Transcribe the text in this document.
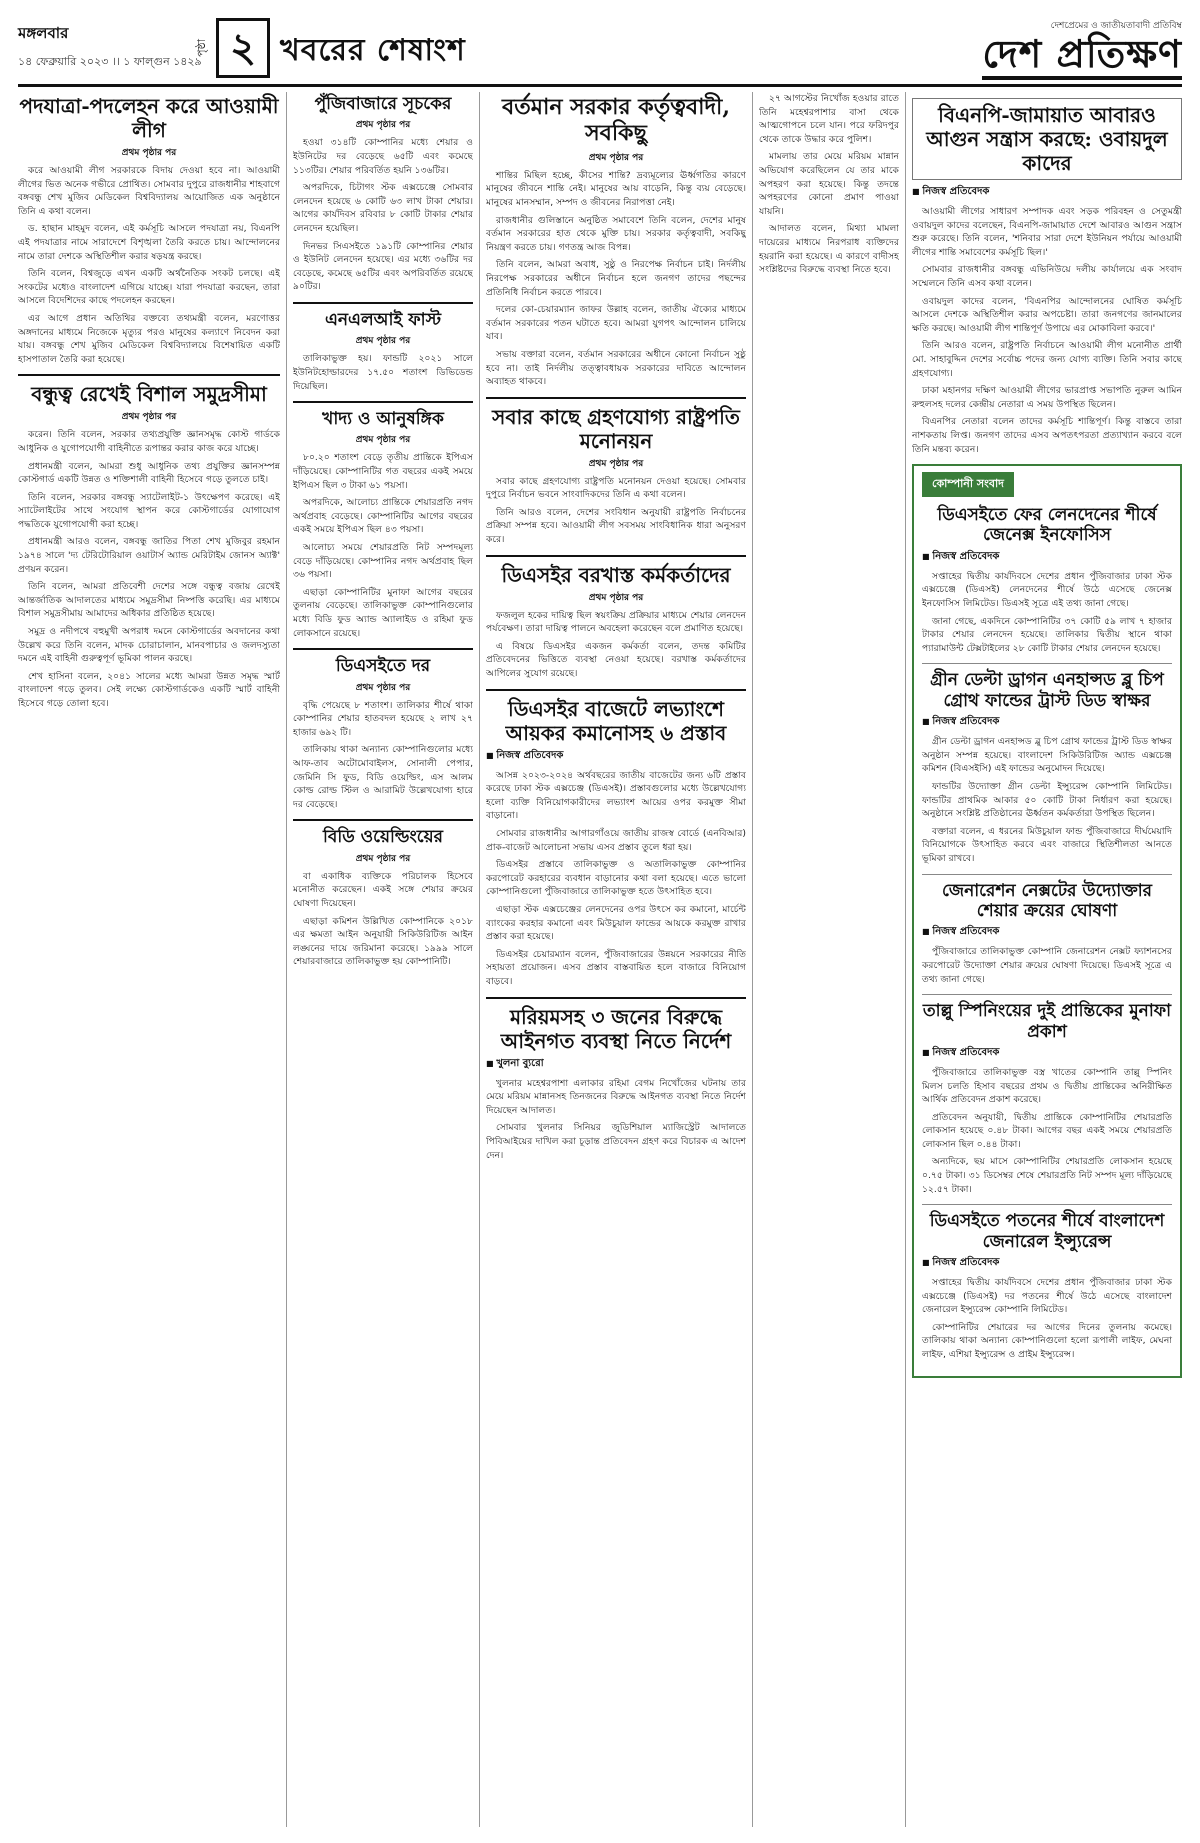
মঙ্গলবার
১৪ ফেব্রুয়ারি ২০২৩ ।। ১ ফাল্গুন ১৪২৯
পৃষ্ঠা ২ খবরের শেষাংশ
দেশপ্রেমের ও জাতীয়তাবাদী প্রতিবিম্ব
দেশ প্রতিক্ষণ
পদযাত্রা-পদলেহন করে আওয়ামী লীগ
প্রথম পৃষ্ঠার পর

করে আওয়ামী লীগ সরকারকে বিদায় দেওয়া হবে না। আওয়ামী লীগের ভিত অনেক গভীরে প্রোথিত। সোমবার দুপুরে রাজধানীর শাহবাগে বঙ্গবন্ধু শেখ মুজিব মেডিকেল বিশ্ববিদ্যালয় আয়োজিত এক অনুষ্ঠানে তিনি এ কথা বলেন।

ড. হাছান মাহমুদ বলেন, এই কর্মসূচি আসলে পদযাত্রা নয়, বিএনপি এই পদযাত্রার নামে সারাদেশে বিশৃঙ্খলা তৈরি করতে চায়। আন্দোলনের নামে তারা দেশকে অস্থিতিশীল করার ষড়যন্ত্র করছে।

তিনি বলেন, বিশ্বজুড়ে এখন একটি অর্থনৈতিক সংকট চলছে। এই সংকটের মধ্যেও বাংলাদেশ এগিয়ে যাচ্ছে। যারা পদযাত্রা করছেন, তারা আসলে বিদেশিদের কাছে পদলেহন করছেন।

এর আগে প্রধান অতিথির বক্তব্যে তথ্যমন্ত্রী বলেন, মরণোত্তর অঙ্গদানের মাধ্যমে নিজেকে মৃত্যুর পরও মানুষের কল্যাণে নিবেদন করা যায়। বঙ্গবন্ধু শেখ মুজিব মেডিকেল বিশ্ববিদ্যালয়ে বিশেষায়িত একটি হাসপাতাল তৈরি করা হয়েছে।

বন্ধুত্ব রেখেই বিশাল সমুদ্রসীমা
প্রথম পৃষ্ঠার পর

করেন। তিনি বলেন, সরকার তথ্যপ্রযুক্তি জ্ঞানসমৃদ্ধ কোস্ট গার্ডকে আধুনিক ও যুগোপযোগী বাহিনীতে রূপান্তর করার কাজ করে যাচ্ছে।

প্রধানমন্ত্রী বলেন, আমরা শুধু আধুনিক তথ্য প্রযুক্তির জ্ঞানসম্পন্ন কোস্টগার্ড একটি উন্নত ও শক্তিশালী বাহিনী হিসেবে গড়ে তুলতে চাই।

তিনি বলেন, সরকার বঙ্গবন্ধু স্যাটেলাইট-১ উৎক্ষেপণ করেছে। এই স্যাটেলাইটের সাথে সংযোগ স্থাপন করে কোস্টগার্ডের যোগাযোগ পদ্ধতিকে যুগোপযোগী করা হচ্ছে।

প্রধানমন্ত্রী আরও বলেন, বঙ্গবন্ধু জাতির পিতা শেখ মুজিবুর রহমান ১৯৭৪ সালে 'দ্য টেরিটোরিয়াল ওয়াটার্স অ্যান্ড মেরিটাইম জোনস অ্যাক্ট' প্রণয়ন করেন।

তিনি বলেন, আমরা প্রতিবেশী দেশের সঙ্গে বন্ধুত্ব বজায় রেখেই আন্তর্জাতিক আদালতের মাধ্যমে সমুদ্রসীমা নিষ্পত্তি করেছি। এর মাধ্যমে বিশাল সমুদ্রসীমায় আমাদের অধিকার প্রতিষ্ঠিত হয়েছে।

সমুদ্র ও নদীপথে বহুমুখী অপরাধ দমনে কোস্টগার্ডের অবদানের কথা উল্লেখ করে তিনি বলেন, মাদক চোরাচালান, মানবপাচার ও জলদস্যুতা দমনে এই বাহিনী গুরুত্বপূর্ণ ভূমিকা পালন করছে।

শেখ হাসিনা বলেন, ২০৪১ সালের মধ্যে আমরা উন্নত সমৃদ্ধ স্মার্ট বাংলাদেশ গড়ে তুলব। সেই লক্ষ্যে কোস্টগার্ডকেও একটি স্মার্ট বাহিনী হিসেবে গড়ে তোলা হবে।

পুঁজিবাজারে সূচকের
প্রথম পৃষ্ঠার পর

হওয়া ৩১৪টি কোম্পানির মধ্যে শেয়ার ও ইউনিটের দর বেড়েছে ৬৫টি এবং কমেছে ১১৩টির। শেয়ার পরিবর্তিত হয়নি ১৩৬টির।

অপরদিকে, চিটাগং স্টক এক্সচেঞ্জে সোমবার লেনদেন হয়েছে ৬ কোটি ৬৩ লাখ টাকা শেয়ার। আগের কার্যদিবস রবিবার ৮ কোটি টাকার শেয়ার লেনদেন হয়েছিল।

দিনভর সিএসইতে ১৯১টি কোম্পানির শেয়ার ও ইউনিট লেনদেন হয়েছে। এর মধ্যে ৩৬টির দর বেড়েছে, কমেছে ৬৫টির এবং অপরিবর্তিত রয়েছে ৯০টির।

এনএলআই ফাস্ট
প্রথম পৃষ্ঠার পর

তালিকাভুক্ত হয়। ফান্ডটি ২০২১ সালে ইউনিটহোল্ডারদের ১৭.৫০ শতাংশ ডিভিডেন্ড দিয়েছিল।

খাদ্য ও আনুষঙ্গিক
প্রথম পৃষ্ঠার পর

৮০.২০ শতাংশ বেড়ে তৃতীয় প্রান্তিকে ইপিএস দাঁড়িয়েছে। কোম্পানিটির গত বছরের একই সময়ে ইপিএস ছিল ৩ টাকা ৬১ পয়সা।

অপরদিকে, আলোচ্য প্রান্তিকে শেয়ারপ্রতি নগদ অর্থপ্রবাহ বেড়েছে। কোম্পানিটির আগের বছরের একই সময়ে ইপিএস ছিল ৪৩ পয়সা।

আলোচ্য সময়ে শেয়ারপ্রতি নিট সম্পদমূল্য বেড়ে দাঁড়িয়েছে। কোম্পানির নগদ অর্থপ্রবাহ ছিল ৩৬ পয়সা।

এছাড়া কোম্পানিটির মুনাফা আগের বছরের তুলনায় বেড়েছে। তালিকাভুক্ত কোম্পানিগুলোর মধ্যে বিডি ফুড অ্যান্ড অ্যালাইড ও রহিমা ফুড লোকসানে রয়েছে।

ডিএসইতে দর
প্রথম পৃষ্ঠার পর

বৃদ্ধি পেয়েছে ৮ শতাংশ। তালিকার শীর্ষে থাকা কোম্পানির শেয়ার হাতবদল হয়েছে ২ লাখ ২৭ হাজার ৬৯২ টি।

তালিকায় থাকা অন্যান্য কোম্পানিগুলোর মধ্যে আফ-তাব অটোমোবাইলস, সোনালী পেপার, জেমিনি সি ফুড, বিডি ওয়েল্ডিং, এস আলম কোল্ড রোল্ড স্টিল ও আরামিট উল্লেখযোগ্য হারে দর বেড়েছে।

বিডি ওয়েল্ডিংয়ের
প্রথম পৃষ্ঠার পর

বা একাধিক ব্যক্তিকে পরিচালক হিসেবে মনোনীত করেছেন। একই সঙ্গে শেয়ার ক্রয়ের ঘোষণা দিয়েছেন।

এছাড়া কমিশন উল্লিখিত কোম্পানিকে ২০১৮ এর ক্ষমতা আইন অনুযায়ী সিকিউরিটিজ আইন লঙ্ঘনের দায়ে জরিমানা করেছে। ১৯৯৯ সালে শেয়ারবাজারে তালিকাভুক্ত হয় কোম্পানিটি।

বর্তমান সরকার কর্তৃত্ববাদী, সবকিছু
প্রথম পৃষ্ঠার পর

শান্তির মিছিল হচ্ছে, কীসের শান্তি? দ্রব্যমূল্যের ঊর্ধ্বগতির কারণে মানুষের জীবনে শান্তি নেই। মানুষের আয় বাড়েনি, কিন্তু ব্যয় বেড়েছে। মানুষের মানসম্মান, সম্পদ ও জীবনের নিরাপত্তা নেই।

রাজধানীর গুলিস্তানে অনুষ্ঠিত সমাবেশে তিনি বলেন, দেশের মানুষ বর্তমান সরকারের হাত থেকে মুক্তি চায়। সরকার কর্তৃত্ববাদী, সবকিছু নিয়ন্ত্রণ করতে চায়। গণতন্ত্র আজ বিপন্ন।

তিনি বলেন, আমরা অবাধ, সুষ্ঠু ও নিরপেক্ষ নির্বাচন চাই। নির্দলীয় নিরপেক্ষ সরকারের অধীনে নির্বাচন হলে জনগণ তাদের পছন্দের প্রতিনিধি নির্বাচন করতে পারবে।

দলের কো-চেয়ারম্যান জাফর উল্লাহ বলেন, জাতীয় ঐক্যের মাধ্যমে বর্তমান সরকারের পতন ঘটাতে হবে। আমরা যুগপৎ আন্দোলন চালিয়ে যাব।

সভায় বক্তারা বলেন, বর্তমান সরকারের অধীনে কোনো নির্বাচন সুষ্ঠু হবে না। তাই নির্দলীয় তত্ত্বাবধায়ক সরকারের দাবিতে আন্দোলন অব্যাহত থাকবে।

সবার কাছে গ্রহণযোগ্য রাষ্ট্রপতি মনোনয়ন
প্রথম পৃষ্ঠার পর

সবার কাছে গ্রহণযোগ্য রাষ্ট্রপতি মনোনয়ন দেওয়া হয়েছে। সোমবার দুপুরে নির্বাচন ভবনে সাংবাদিকদের তিনি এ কথা বলেন।

তিনি আরও বলেন, দেশের সংবিধান অনুযায়ী রাষ্ট্রপতি নির্বাচনের প্রক্রিয়া সম্পন্ন হবে। আওয়ামী লীগ সবসময় সাংবিধানিক ধারা অনুসরণ করে।

ডিএসইর বরখাস্ত কর্মকর্তাদের
প্রথম পৃষ্ঠার পর

ফজলুল হকের দায়িত্ব ছিল স্বয়ংক্রিয় প্রক্রিয়ার মাধ্যমে শেয়ার লেনদেন পর্যবেক্ষণ। তারা দায়িত্ব পালনে অবহেলা করেছেন বলে প্রমাণিত হয়েছে।

এ বিষয়ে ডিএসইর একজন কর্মকর্তা বলেন, তদন্ত কমিটির প্রতিবেদনের ভিত্তিতে ব্যবস্থা নেওয়া হয়েছে। বরখাস্ত কর্মকর্তাদের আপিলের সুযোগ রয়েছে।

ডিএসইর বাজেটে লভ্যাংশে আয়কর কমানোসহ ৬ প্রস্তাব
■ নিজস্ব প্রতিবেদক

আসন্ন ২০২৩-২০২৪ অর্থবছরের জাতীয় বাজেটের জন্য ৬টি প্রস্তাব করেছে ঢাকা স্টক এক্সচেঞ্জ (ডিএসই)। প্রস্তাবগুলোর মধ্যে উল্লেখযোগ্য হলো ব্যক্তি বিনিয়োগকারীদের লভ্যাংশ আয়ের ওপর করমুক্ত সীমা বাড়ানো।

সোমবার রাজধানীর আগারগাঁওয়ে জাতীয় রাজস্ব বোর্ডে (এনবিআর) প্রাক-বাজেট আলোচনা সভায় এসব প্রস্তাব তুলে ধরা হয়।

ডিএসইর প্রস্তাবে তালিকাভুক্ত ও অতালিকাভুক্ত কোম্পানির করপোরেট করহারের ব্যবধান বাড়ানোর কথা বলা হয়েছে। এতে ভালো কোম্পানিগুলো পুঁজিবাজারে তালিকাভুক্ত হতে উৎসাহিত হবে।

এছাড়া স্টক এক্সচেঞ্জের লেনদেনের ওপর উৎসে কর কমানো, মার্চেন্ট ব্যাংকের করহার কমানো এবং মিউচুয়াল ফান্ডের আয়কে করমুক্ত রাখার প্রস্তাব করা হয়েছে।

ডিএসইর চেয়ারম্যান বলেন, পুঁজিবাজারের উন্নয়নে সরকারের নীতি সহায়তা প্রয়োজন। এসব প্রস্তাব বাস্তবায়িত হলে বাজারে বিনিয়োগ বাড়বে।

মরিয়মসহ ৩ জনের বিরুদ্ধে আইনগত ব্যবস্থা নিতে নির্দেশ
■ খুলনা ব্যুরো

খুলনার মহেশ্বরপাশা এলাকার রহিমা বেগম নিখোঁজের ঘটনায় তার মেয়ে মরিয়ম মান্নানসহ তিনজনের বিরুদ্ধে আইনগত ব্যবস্থা নিতে নির্দেশ দিয়েছেন আদালত।

সোমবার খুলনার সিনিয়র জুডিশিয়াল ম্যাজিস্ট্রেট আদালতে পিবিআইয়ের দাখিল করা চূড়ান্ত প্রতিবেদন গ্রহণ করে বিচারক এ আদেশ দেন।

২৭ আগস্টের নিখোঁজ হওয়ার রাতে তিনি মহেশ্বরপাশার বাসা থেকে আত্মগোপনে চলে যান। পরে ফরিদপুর থেকে তাকে উদ্ধার করে পুলিশ।

মামলায় তার মেয়ে মরিয়ম মান্নান অভিযোগ করেছিলেন যে তার মাকে অপহরণ করা হয়েছে। কিন্তু তদন্তে অপহরণের কোনো প্রমাণ পাওয়া যায়নি।

আদালত বলেন, মিথ্যা মামলা দায়েরের মাধ্যমে নিরপরাধ ব্যক্তিদের হয়রানি করা হয়েছে। এ কারণে বাদীসহ সংশ্লিষ্টদের বিরুদ্ধে ব্যবস্থা নিতে হবে।

বিএনপি-জামায়াত আবারও আগুন সন্ত্রাস করছে: ওবায়দুল কাদের
■ নিজস্ব প্রতিবেদক

আওয়ামী লীগের সাধারণ সম্পাদক এবং সড়ক পরিবহন ও সেতুমন্ত্রী ওবায়দুল কাদের বলেছেন, বিএনপি-জামায়াত দেশে আবারও আগুন সন্ত্রাস শুরু করেছে। তিনি বলেন, 'শনিবার সারা দেশে ইউনিয়ন পর্যায়ে আওয়ামী লীগের শান্তি সমাবেশের কর্মসূচি ছিল।'

সোমবার রাজধানীর বঙ্গবন্ধু এভিনিউয়ে দলীয় কার্যালয়ে এক সংবাদ সম্মেলনে তিনি এসব কথা বলেন।

ওবায়দুল কাদের বলেন, 'বিএনপির আন্দোলনের ঘোষিত কর্মসূচি আসলে দেশকে অস্থিতিশীল করার অপচেষ্টা। তারা জনগণের জানমালের ক্ষতি করছে। আওয়ামী লীগ শান্তিপূর্ণ উপায়ে এর মোকাবিলা করবে।'

তিনি আরও বলেন, রাষ্ট্রপতি নির্বাচনে আওয়ামী লীগ মনোনীত প্রার্থী মো. সাহাবুদ্দিন দেশের সর্বোচ্চ পদের জন্য যোগ্য ব্যক্তি। তিনি সবার কাছে গ্রহণযোগ্য।

ঢাকা মহানগর দক্ষিণ আওয়ামী লীগের ভারপ্রাপ্ত সভাপতি নুরুল আমিন রুহুলসহ দলের কেন্দ্রীয় নেতারা এ সময় উপস্থিত ছিলেন।

বিএনপির নেতারা বলেন তাদের কর্মসূচি শান্তিপূর্ণ। কিন্তু বাস্তবে তারা নাশকতায় লিপ্ত। জনগণ তাদের এসব অপতৎপরতা প্রত্যাখ্যান করবে বলে তিনি মন্তব্য করেন।

কোম্পানী সংবাদ
ডিএসইতে ফের লেনদেনের শীর্ষে জেনেক্স ইনফোসিস
■ নিজস্ব প্রতিবেদক

সপ্তাহের দ্বিতীয় কার্যদিবসে দেশের প্রধান পুঁজিবাজার ঢাকা স্টক এক্সচেঞ্জে (ডিএসই) লেনদেনের শীর্ষে উঠে এসেছে জেনেক্স ইনফোসিস লিমিটেড। ডিএসই সূত্রে এই তথ্য জানা গেছে।

জানা গেছে, একদিনে কোম্পানিটির ৩৭ কোটি ৫৯ লাখ ৭ হাজার টাকার শেয়ার লেনদেন হয়েছে। তালিকার দ্বিতীয় স্থানে থাকা প্যারামাউন্ট টেক্সটাইলের ২৮ কোটি টাকার শেয়ার লেনদেন হয়েছে।

গ্রীন ডেল্টা ড্রাগন এনহান্সড ব্লু চিপ গ্রোথ ফান্ডের ট্রাস্ট ডিড স্বাক্ষর
■ নিজস্ব প্রতিবেদক

গ্রীন ডেল্টা ড্রাগন এনহান্সড ব্লু চিপ গ্রোথ ফান্ডের ট্রাস্ট ডিড স্বাক্ষর অনুষ্ঠান সম্পন্ন হয়েছে। বাংলাদেশ সিকিউরিটিজ অ্যান্ড এক্সচেঞ্জ কমিশন (বিএসইসি) এই ফান্ডের অনুমোদন দিয়েছে।

ফান্ডটির উদ্যোক্তা গ্রীন ডেল্টা ইন্স্যুরেন্স কোম্পানি লিমিটেড। ফান্ডটির প্রাথমিক আকার ৫০ কোটি টাকা নির্ধারণ করা হয়েছে। অনুষ্ঠানে সংশ্লিষ্ট প্রতিষ্ঠানের ঊর্ধ্বতন কর্মকর্তারা উপস্থিত ছিলেন।

বক্তারা বলেন, এ ধরনের মিউচুয়াল ফান্ড পুঁজিবাজারে দীর্ঘমেয়াদি বিনিয়োগকে উৎসাহিত করবে এবং বাজারে স্থিতিশীলতা আনতে ভূমিকা রাখবে।

জেনারেশন নেক্সটের উদ্যোক্তার শেয়ার ক্রয়ের ঘোষণা
■ নিজস্ব প্রতিবেদক

পুঁজিবাজারে তালিকাভুক্ত কোম্পানি জেনারেশন নেক্সট ফ্যাশনসের করপোরেট উদ্যোক্তা শেয়ার ক্রয়ের ঘোষণা দিয়েছে। ডিএসই সূত্রে এ তথ্য জানা গেছে।

তাল্লু স্পিনিংয়ের দুই প্রান্তিকের মুনাফা প্রকাশ
■ নিজস্ব প্রতিবেদক

পুঁজিবাজারে তালিকাভুক্ত বস্ত্র খাতের কোম্পানি তাল্লু স্পিনিং মিলস চলতি হিসাব বছরের প্রথম ও দ্বিতীয় প্রান্তিকের অনিরীক্ষিত আর্থিক প্রতিবেদন প্রকাশ করেছে।

প্রতিবেদন অনুযায়ী, দ্বিতীয় প্রান্তিকে কোম্পানিটির শেয়ারপ্রতি লোকসান হয়েছে ০.৪৮ টাকা। আগের বছর একই সময়ে শেয়ারপ্রতি লোকসান ছিল ০.৪৪ টাকা।

অন্যদিকে, ছয় মাসে কোম্পানিটির শেয়ারপ্রতি লোকসান হয়েছে ০.৭৫ টাকা। ৩১ ডিসেম্বর শেষে শেয়ারপ্রতি নিট সম্পদ মূল্য দাঁড়িয়েছে ১২.৫৭ টাকা।

ডিএসইতে পতনের শীর্ষে বাংলাদেশ জেনারেল ইন্স্যুরেন্স
■ নিজস্ব প্রতিবেদক

সপ্তাহের দ্বিতীয় কার্যদিবসে দেশের প্রধান পুঁজিবাজার ঢাকা স্টক এক্সচেঞ্জে (ডিএসই) দর পতনের শীর্ষে উঠে এসেছে বাংলাদেশ জেনারেল ইন্স্যুরেন্স কোম্পানি লিমিটেড।

কোম্পানিটির শেয়ারের দর আগের দিনের তুলনায় কমেছে। তালিকায় থাকা অন্যান্য কোম্পানিগুলো হলো রূপালী লাইফ, মেঘনা লাইফ, এশিয়া ইন্স্যুরেন্স ও প্রাইম ইন্স্যুরেন্স।
